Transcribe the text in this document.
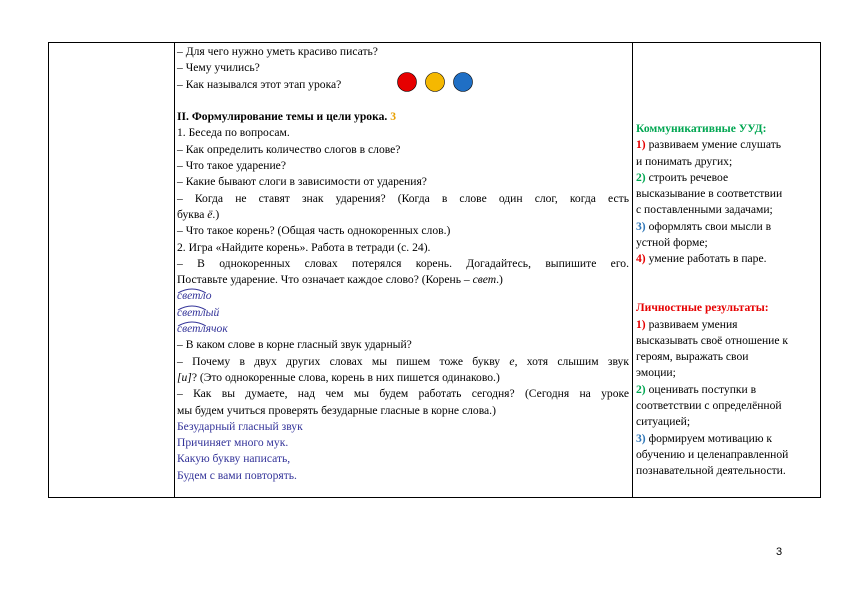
– Для чего нужно уметь красиво писать?
– Чему учились?
– Как назывался этот этап урока?
II. Формулирование темы и цели урока. 3
1. Беседа по вопросам.
– Как определить количество слогов в слове?
– Что такое ударение?
– Какие бывают слоги в зависимости от ударения?
– Когда не ставят знак ударения? (Когда в слове один слог, когда есть
буква ё.)
– Что такое корень? (Общая часть однокоренных слов.)
2. Игра «Найдите корень». Работа в тетради (с. 24).
– В однокоренных словах потерялся корень. Догадайтесь, выпишите его.
Поставьте ударение. Что означает каждое слово? (Корень – свет.)
светло
светлый
светлячок
– В каком слове в корне гласный звук ударный?
– Почему в двух других словах мы пишем тоже букву е, хотя слышим звук
[и]? (Это однокоренные слова, корень в них пишется одинаково.)
– Как вы думаете, над чем мы будем работать сегодня? (Сегодня на уроке
мы будем учиться проверять безударные гласные в корне слова.)
Безударный гласный звук
Причиняет много мук.
Какую букву написать,
Будем с вами повторять.
Коммуникативные УУД:
1) развиваем умение слушать
и понимать других;
2) строить речевое
высказывание в соответствии
с поставленными задачами;
3) оформлять свои мысли в
устной форме;
4) умение работать в паре.
Личностные результаты:
1) развиваем умения
высказывать своё отношение к
героям, выражать свои
эмоции;
2) оценивать поступки в
соответствии с определённой
ситуацией;
3) формируем мотивацию к
обучению и целенаправленной
познавательной деятельности.
3
